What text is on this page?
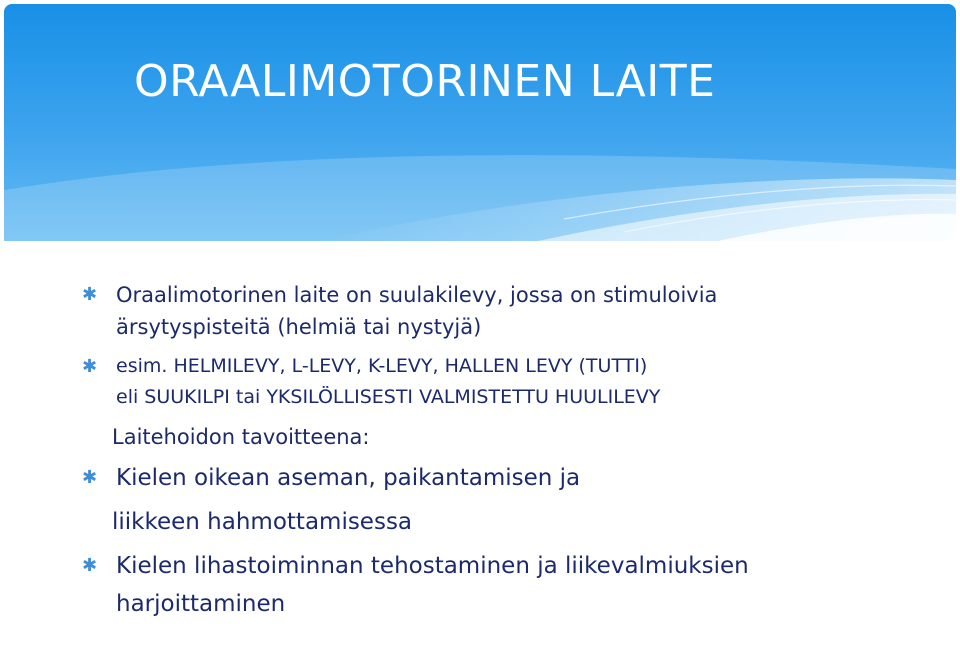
ORAALIMOTORINEN LAITE

✱ Oraalimotorinen laite on suulakilevy, jossa on stimuloivia
ärsytyspisteitä (helmiä tai nystyjä)

✱ esim. HELMILEVY, L-LEVY, K-LEVY, HALLEN LEVY (TUTTI)
eli SUUKILPI tai YKSILÖLLISESTI VALMISTETTU HUULILEVY

Laitehoidon tavoitteena:

✱ Kielen oikean aseman, paikantamisen ja

liikkeen hahmottamisessa

✱ Kielen lihastoiminnan tehostaminen ja liikevalmiuksien
harjoittaminen
